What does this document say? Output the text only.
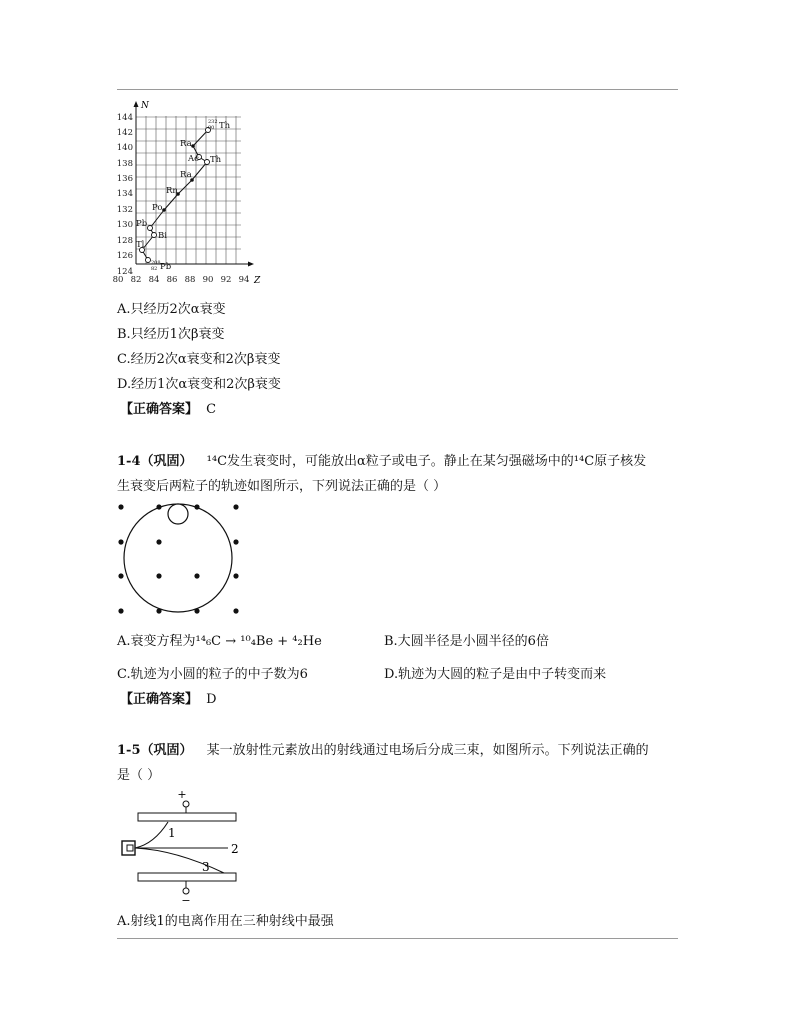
N
Z
144
142
140
138
136
134
132
130
128
126
124
80 82 84 86 88 90 92 94
232
90 Th
Ra
Ac Th
Ra
Rn
Po
Pb
Bi
Tl
208
82 Pb
A.只经历2次α衰变
B.只经历1次β衰变
C.经历2次α衰变和2次β衰变
D.经历1次α衰变和2次β衰变
【正确答案】 C
1-4（巩固） ¹⁴C发生衰变时，可能放出α粒子或电子。静止在某匀强磁场中的¹⁴C原子核发
生衰变后两粒子的轨迹如图所示，下列说法正确的是（ ）
A.衰变方程为¹⁴₆C → ¹⁰₄Be + ⁴₂He	B.大圆半径是小圆半径的6倍
C.轨迹为小圆的粒子的中子数为6	D.轨迹为大圆的粒子是由中子转变而来
【正确答案】 D
1-5（巩固） 某一放射性元素放出的射线通过电场后分成三束，如图所示。下列说法正确的
是（ ）
+
−
1
2
3
A.射线1的电离作用在三种射线中最强
